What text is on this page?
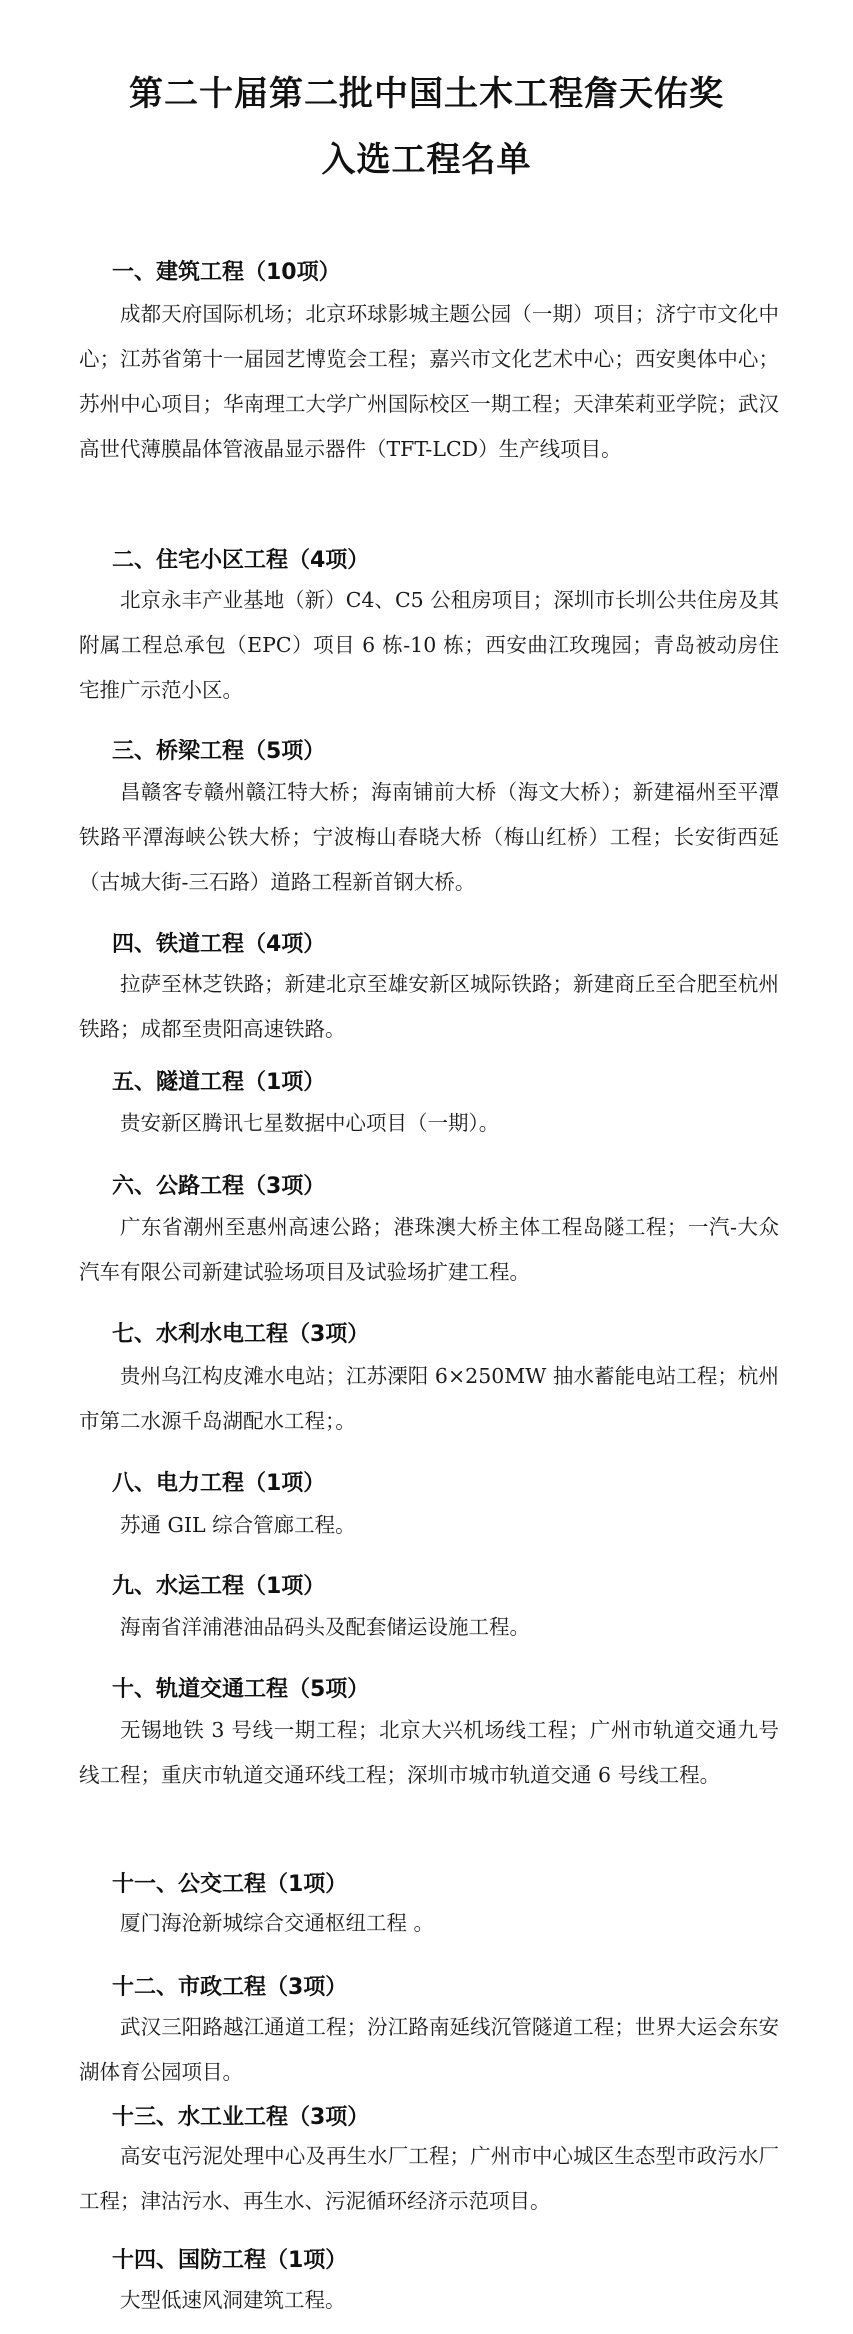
第二十届第二批中国土木工程詹天佑奖
入选工程名单
一、建筑工程（10项）
成都天府国际机场；北京环球影城主题公园（一期）项目；济宁市文化中心；江苏省第十一届园艺博览会工程；嘉兴市文化艺术中心；西安奥体中心；苏州中心项目；华南理工大学广州国际校区一期工程；天津茱莉亚学院；武汉高世代薄膜晶体管液晶显示器件（TFT-LCD）生产线项目。
二、住宅小区工程（4项）
北京永丰产业基地（新）C4、C5 公租房项目；深圳市长圳公共住房及其附属工程总承包（EPC）项目 6 栋-10 栋；西安曲江玫瑰园；青岛被动房住宅推广示范小区。
三、桥梁工程（5项）
昌赣客专赣州赣江特大桥；海南铺前大桥（海文大桥）；新建福州至平潭铁路平潭海峡公铁大桥；宁波梅山春晓大桥（梅山红桥）工程；长安街西延（古城大街-三石路）道路工程新首钢大桥。
四、铁道工程（4项）
拉萨至林芝铁路；新建北京至雄安新区城际铁路；新建商丘至合肥至杭州铁路；成都至贵阳高速铁路。
五、隧道工程（1项）
贵安新区腾讯七星数据中心项目（一期）。
六、公路工程（3项）
广东省潮州至惠州高速公路；港珠澳大桥主体工程岛隧工程；一汽-大众汽车有限公司新建试验场项目及试验场扩建工程。
七、水利水电工程（3项）
贵州乌江构皮滩水电站；江苏溧阳 6×250MW 抽水蓄能电站工程；杭州市第二水源千岛湖配水工程；。
八、电力工程（1项）
苏通 GIL 综合管廊工程。
九、水运工程（1项）
海南省洋浦港油品码头及配套储运设施工程。
十、轨道交通工程（5项）
无锡地铁 3 号线一期工程；北京大兴机场线工程；广州市轨道交通九号线工程；重庆市轨道交通环线工程；深圳市城市轨道交通 6 号线工程。
十一、公交工程（1项）
厦门海沧新城综合交通枢纽工程 。
十二、市政工程（3项）
武汉三阳路越江通道工程；汾江路南延线沉管隧道工程；世界大运会东安湖体育公园项目。
十三、水工业工程（3项）
高安屯污泥处理中心及再生水厂工程；广州市中心城区生态型市政污水厂工程；津沽污水、再生水、污泥循环经济示范项目。
十四、国防工程（1项）
大型低速风洞建筑工程。
